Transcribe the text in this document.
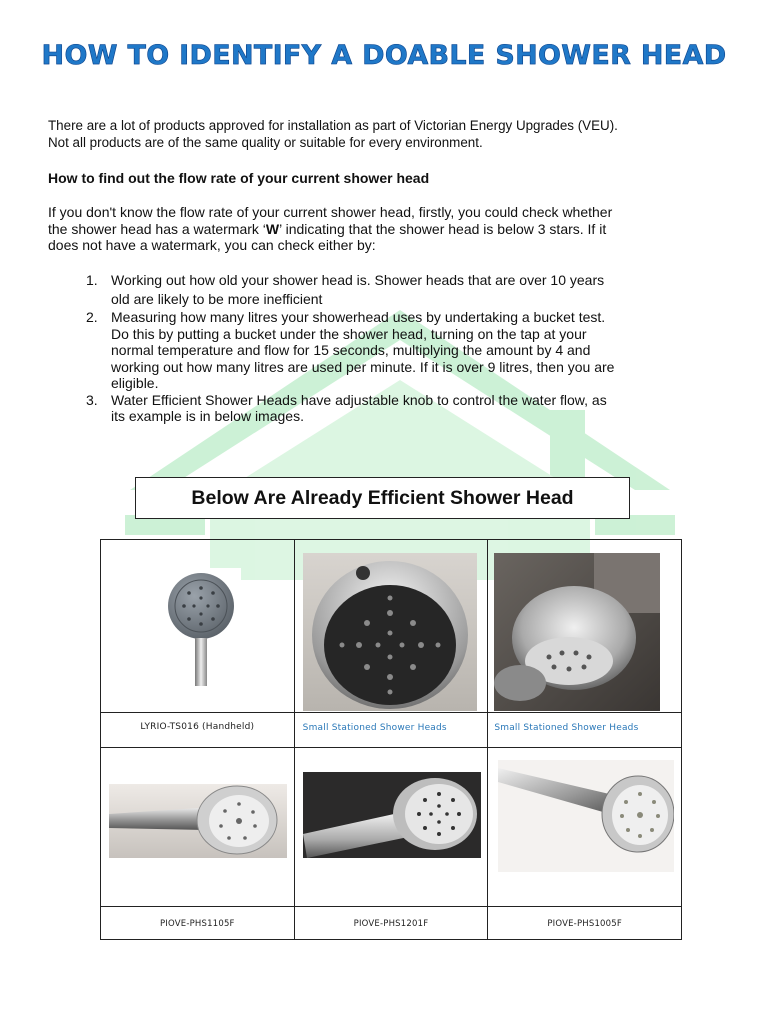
HOW TO IDENTIFY A DOABLE SHOWER HEAD
There are a lot of products approved for installation as part of Victorian Energy Upgrades (VEU).
Not all products are of the same quality or suitable for every environment.
How to find out the flow rate of your current shower head
If you don't know the flow rate of your current shower head, firstly, you could check whether
the shower head has a watermark ‘W’ indicating that the shower head is below 3 stars. If it
does not have a watermark, you can check either by:
1. Working out how old your shower head is. Shower heads that are over 10 years
old are likely to be more inefficient
2. Measuring how many litres your showerhead uses by undertaking a bucket test.
Do this by putting a bucket under the shower head, turning on the tap at your
normal temperature and flow for 15 seconds, multiplying the amount by 4 and
working out how many litres are used per minute. If it is over 9 litres, then you are
eligible.
3. Water Efficient Shower Heads have adjustable knob to control the water flow, as
its example is in below images.
Below Are Already Efficient Shower Head

LYRIO-TS016 (Handheld)	Small Stationed Shower Heads	Small Stationed Shower Heads

PIOVE-PHS1105F	PIOVE-PHS1201F	PIOVE-PHS1005F
